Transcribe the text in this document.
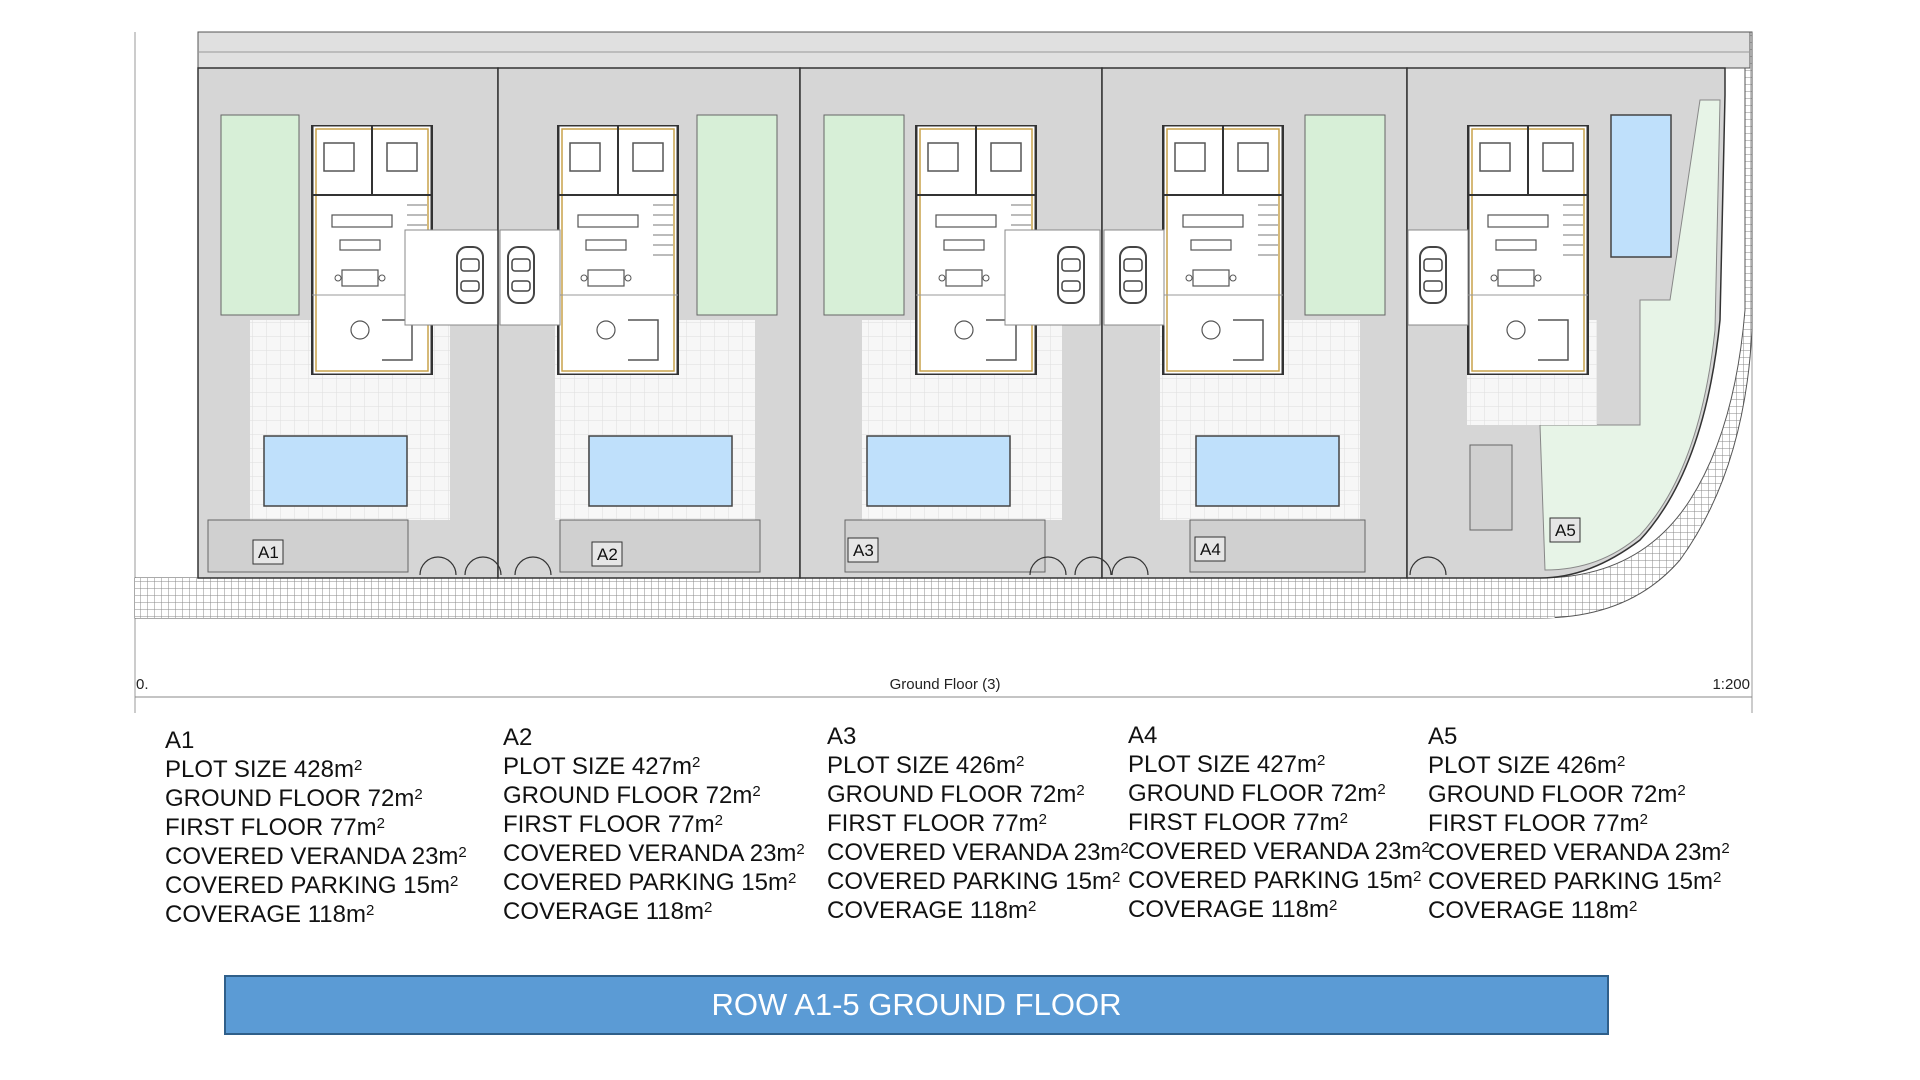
A1	A2	A3	A4
A5
0.	Ground Floor (3)	1:200
A1
PLOT SIZE $428m^2$
GROUND FLOOR $72m^2$
FIRST FLOOR $77m^2$
COVERED VERANDA $23m^2$
COVERED PARKING $15m^2$
COVERAGE $118m^2$
A2
PLOT SIZE $427m^2$
GROUND FLOOR $72m^2$
FIRST FLOOR $77m^2$
COVERED VERANDA $23m^2$
COVERED PARKING $15m^2$
COVERAGE $118m^2$
A3
PLOT SIZE $426m^2$
GROUND FLOOR $72m^2$
FIRST FLOOR $77m^2$
COVERED VERANDA $23m^2$
COVERED PARKING $15m^2$
COVERAGE $118m^2$
A4
PLOT SIZE $427m^2$
GROUND FLOOR $72m^2$
FIRST FLOOR $77m^2$
COVERED VERANDA $23m^2$
COVERED PARKING $15m^2$
COVERAGE $118m^2$
A5
PLOT SIZE $426m^2$
GROUND FLOOR $72m^2$
FIRST FLOOR $77m^2$
COVERED VERANDA $23m^2$
COVERED PARKING $15m^2$
COVERAGE $118m^2$
ROW A1-5 GROUND FLOOR
